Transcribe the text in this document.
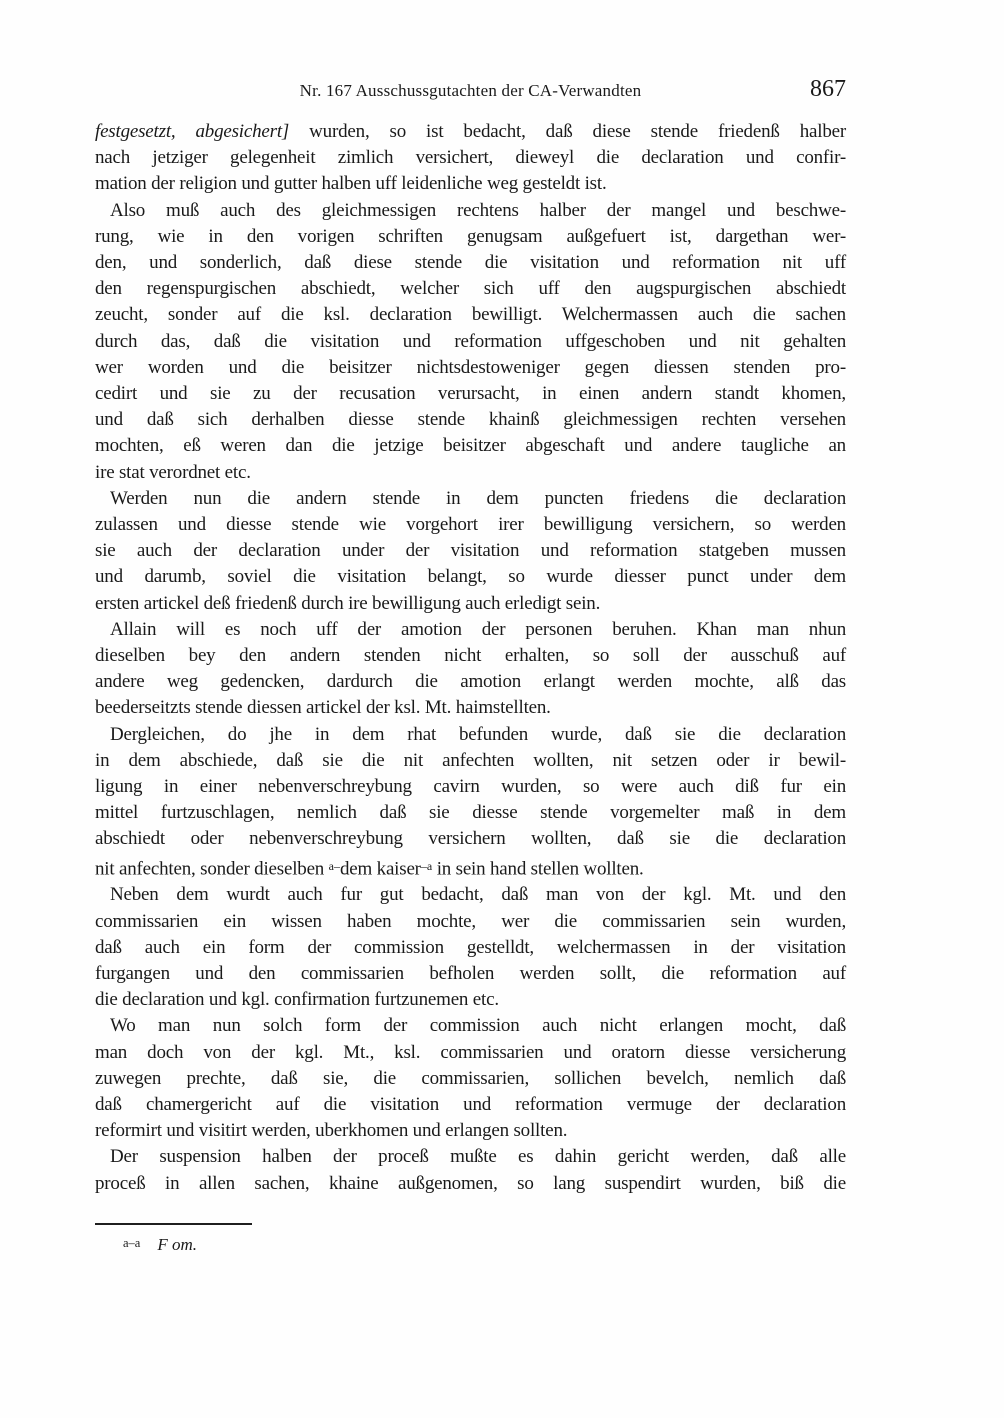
Nr. 167 Ausschussgutachten der CA-Verwandten	867

festgesetzt, abgesichert] wurden, so ist bedacht, daß diese stende friedenß halber
nach jetziger gelegenheit zimlich versichert, dieweyl die declaration und confir-
mation der religion und gutter halben uff leidenliche weg gesteldt ist.

Also muß auch des gleichmessigen rechtens halber der mangel und beschwe-
rung, wie in den vorigen schriften genugsam außgefuert ist, dargethan wer-
den, und sonderlich, daß diese stende die visitation und reformation nit uff
den regenspurgischen abschiedt, welcher sich uff den augspurgischen abschiedt
zeucht, sonder auf die ksl. declaration bewilligt. Welchermassen auch die sachen
durch das, daß die visitation und reformation uffgeschoben und nit gehalten
wer worden und die beisitzer nichtsdestoweniger gegen diessen stenden pro-
cedirt und sie zu der recusation verursacht, in einen andern standt khomen,
und daß sich derhalben diesse stende khainß gleichmessigen rechten versehen
mochten, eß weren dan die jetzige beisitzer abgeschaft und andere taugliche an
ire stat verordnet etc.

Werden nun die andern stende in dem puncten friedens die declaration
zulassen und diesse stende wie vorgehort irer bewilligung versichern, so werden
sie auch der declaration under der visitation und reformation statgeben mussen
und darumb, soviel die visitation belangt, so wurde diesser punct under dem
ersten artickel deß friedenß durch ire bewilligung auch erledigt sein.

Allain will es noch uff der amotion der personen beruhen. Khan man nhun
dieselben bey den andern stenden nicht erhalten, so soll der ausschuß auf
andere weg gedencken, dardurch die amotion erlangt werden mochte, alß das
beederseitzts stende diessen artickel der ksl. Mt. haimstellten.

Dergleichen, do jhe in dem rhat befunden wurde, daß sie die declaration
in dem abschiede, daß sie die nit anfechten wollten, nit setzen oder ir bewil-
ligung in einer nebenverschreybung cavirn wurden, so were auch diß fur ein
mittel furtzuschlagen, nemlich daß sie diesse stende vorgemelter maß in dem
abschiedt oder nebenverschreybung versichern wollten, daß sie die declaration
nit anfechten, sonder dieselben $^{a-}$dem kaiser$^{-a}$ in sein hand stellen wollten.

Neben dem wurdt auch fur gut bedacht, daß man von der kgl. Mt. und den
commissarien ein wissen haben mochte, wer die commissarien sein wurden,
daß auch ein form der commission gestelldt, welchermassen in der visitation
furgangen und den commissarien befholen werden sollt, die reformation auf
die declaration und kgl. confirmation furtzunemen etc.

Wo man nun solch form der commission auch nicht erlangen mocht, daß
man doch von der kgl. Mt., ksl. commissarien und oratorn diesse versicherung
zuwegen prechte, daß sie, die commissarien, sollichen bevelch, nemlich daß
daß chamergericht auf die visitation und reformation vermuge der declaration
reformirt und visitirt werden, uberkhomen und erlangen sollten.

Der suspension halben der proceß mußte es dahin gericht werden, daß alle
proceß in allen sachen, khaine außgenomen, so lang suspendirt wurden, biß die

a–a F om.
